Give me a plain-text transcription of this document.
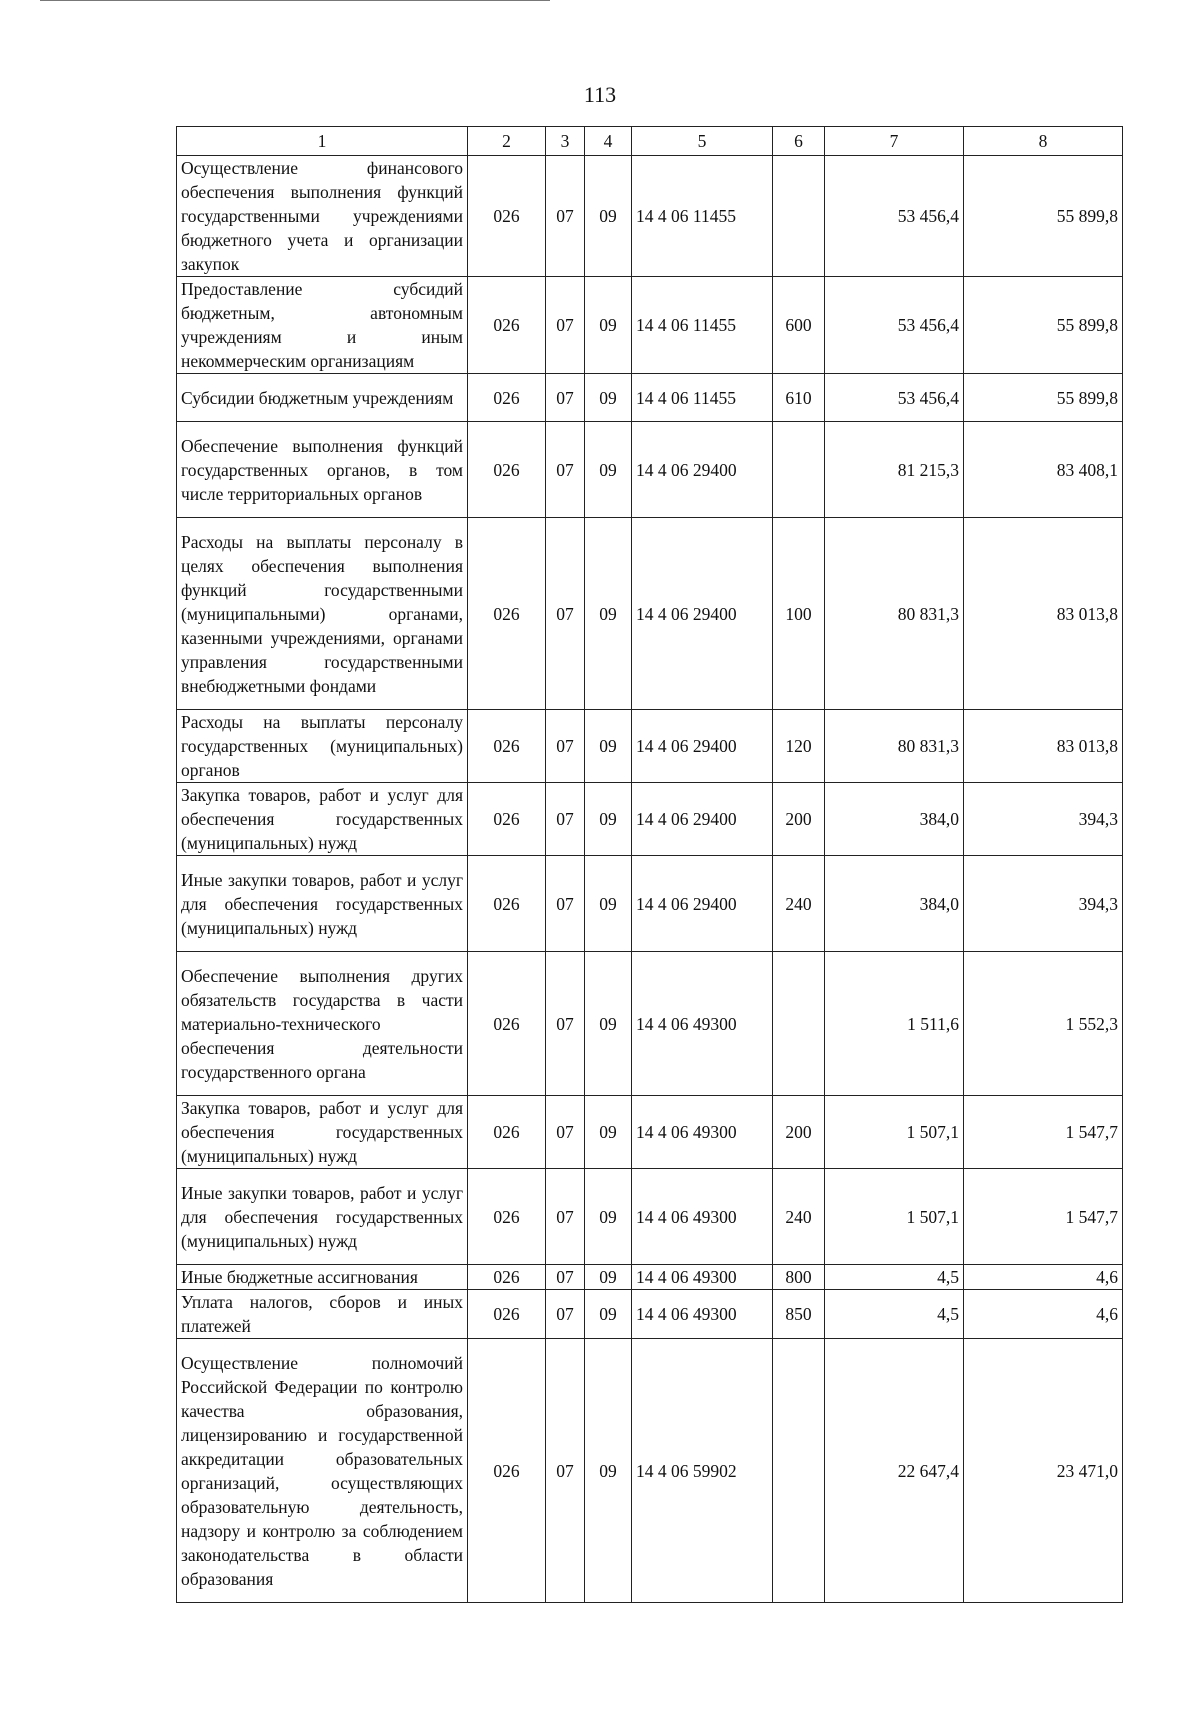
113
1	2	3	4	5	6	7	8
Осуществление финансового обеспечения выполнения функций государственными учреждениями бюджетного учета и организации закупок	026	07	09	14 4 06 11455		53 456,4	55 899,8
Предоставление субсидий бюджетным, автономным учреждениям и иным некоммерческим организациям	026	07	09	14 4 06 11455	600	53 456,4	55 899,8
Субсидии бюджетным учреждениям	026	07	09	14 4 06 11455	610	53 456,4	55 899,8
Обеспечение выполнения функций государственных органов, в том числе территориальных органов	026	07	09	14 4 06 29400		81 215,3	83 408,1
Расходы на выплаты персоналу в целях обеспечения выполнения функций государственными (муниципальными) органами, казенными учреждениями, органами управления государственными внебюджетными фондами	026	07	09	14 4 06 29400	100	80 831,3	83 013,8
Расходы на выплаты персоналу государственных (муниципальных) органов	026	07	09	14 4 06 29400	120	80 831,3	83 013,8
Закупка товаров, работ и услуг для обеспечения государственных (муниципальных) нужд	026	07	09	14 4 06 29400	200	384,0	394,3
Иные закупки товаров, работ и услуг для обеспечения государственных (муниципальных) нужд	026	07	09	14 4 06 29400	240	384,0	394,3
Обеспечение выполнения других обязательств государства в части материально-технического обеспечения деятельности государственного органа	026	07	09	14 4 06 49300		1 511,6	1 552,3
Закупка товаров, работ и услуг для обеспечения государственных (муниципальных) нужд	026	07	09	14 4 06 49300	200	1 507,1	1 547,7
Иные закупки товаров, работ и услуг для обеспечения государственных (муниципальных) нужд	026	07	09	14 4 06 49300	240	1 507,1	1 547,7
Иные бюджетные ассигнования	026	07	09	14 4 06 49300	800	4,5	4,6
Уплата налогов, сборов и иных платежей	026	07	09	14 4 06 49300	850	4,5	4,6
Осуществление полномочий Российской Федерации по контролю качества образования, лицензированию и государственной аккредитации образовательных организаций, осуществляющих образовательную деятельность, надзору и контролю за соблюдением законодательства в области образования	026	07	09	14 4 06 59902		22 647,4	23 471,0
